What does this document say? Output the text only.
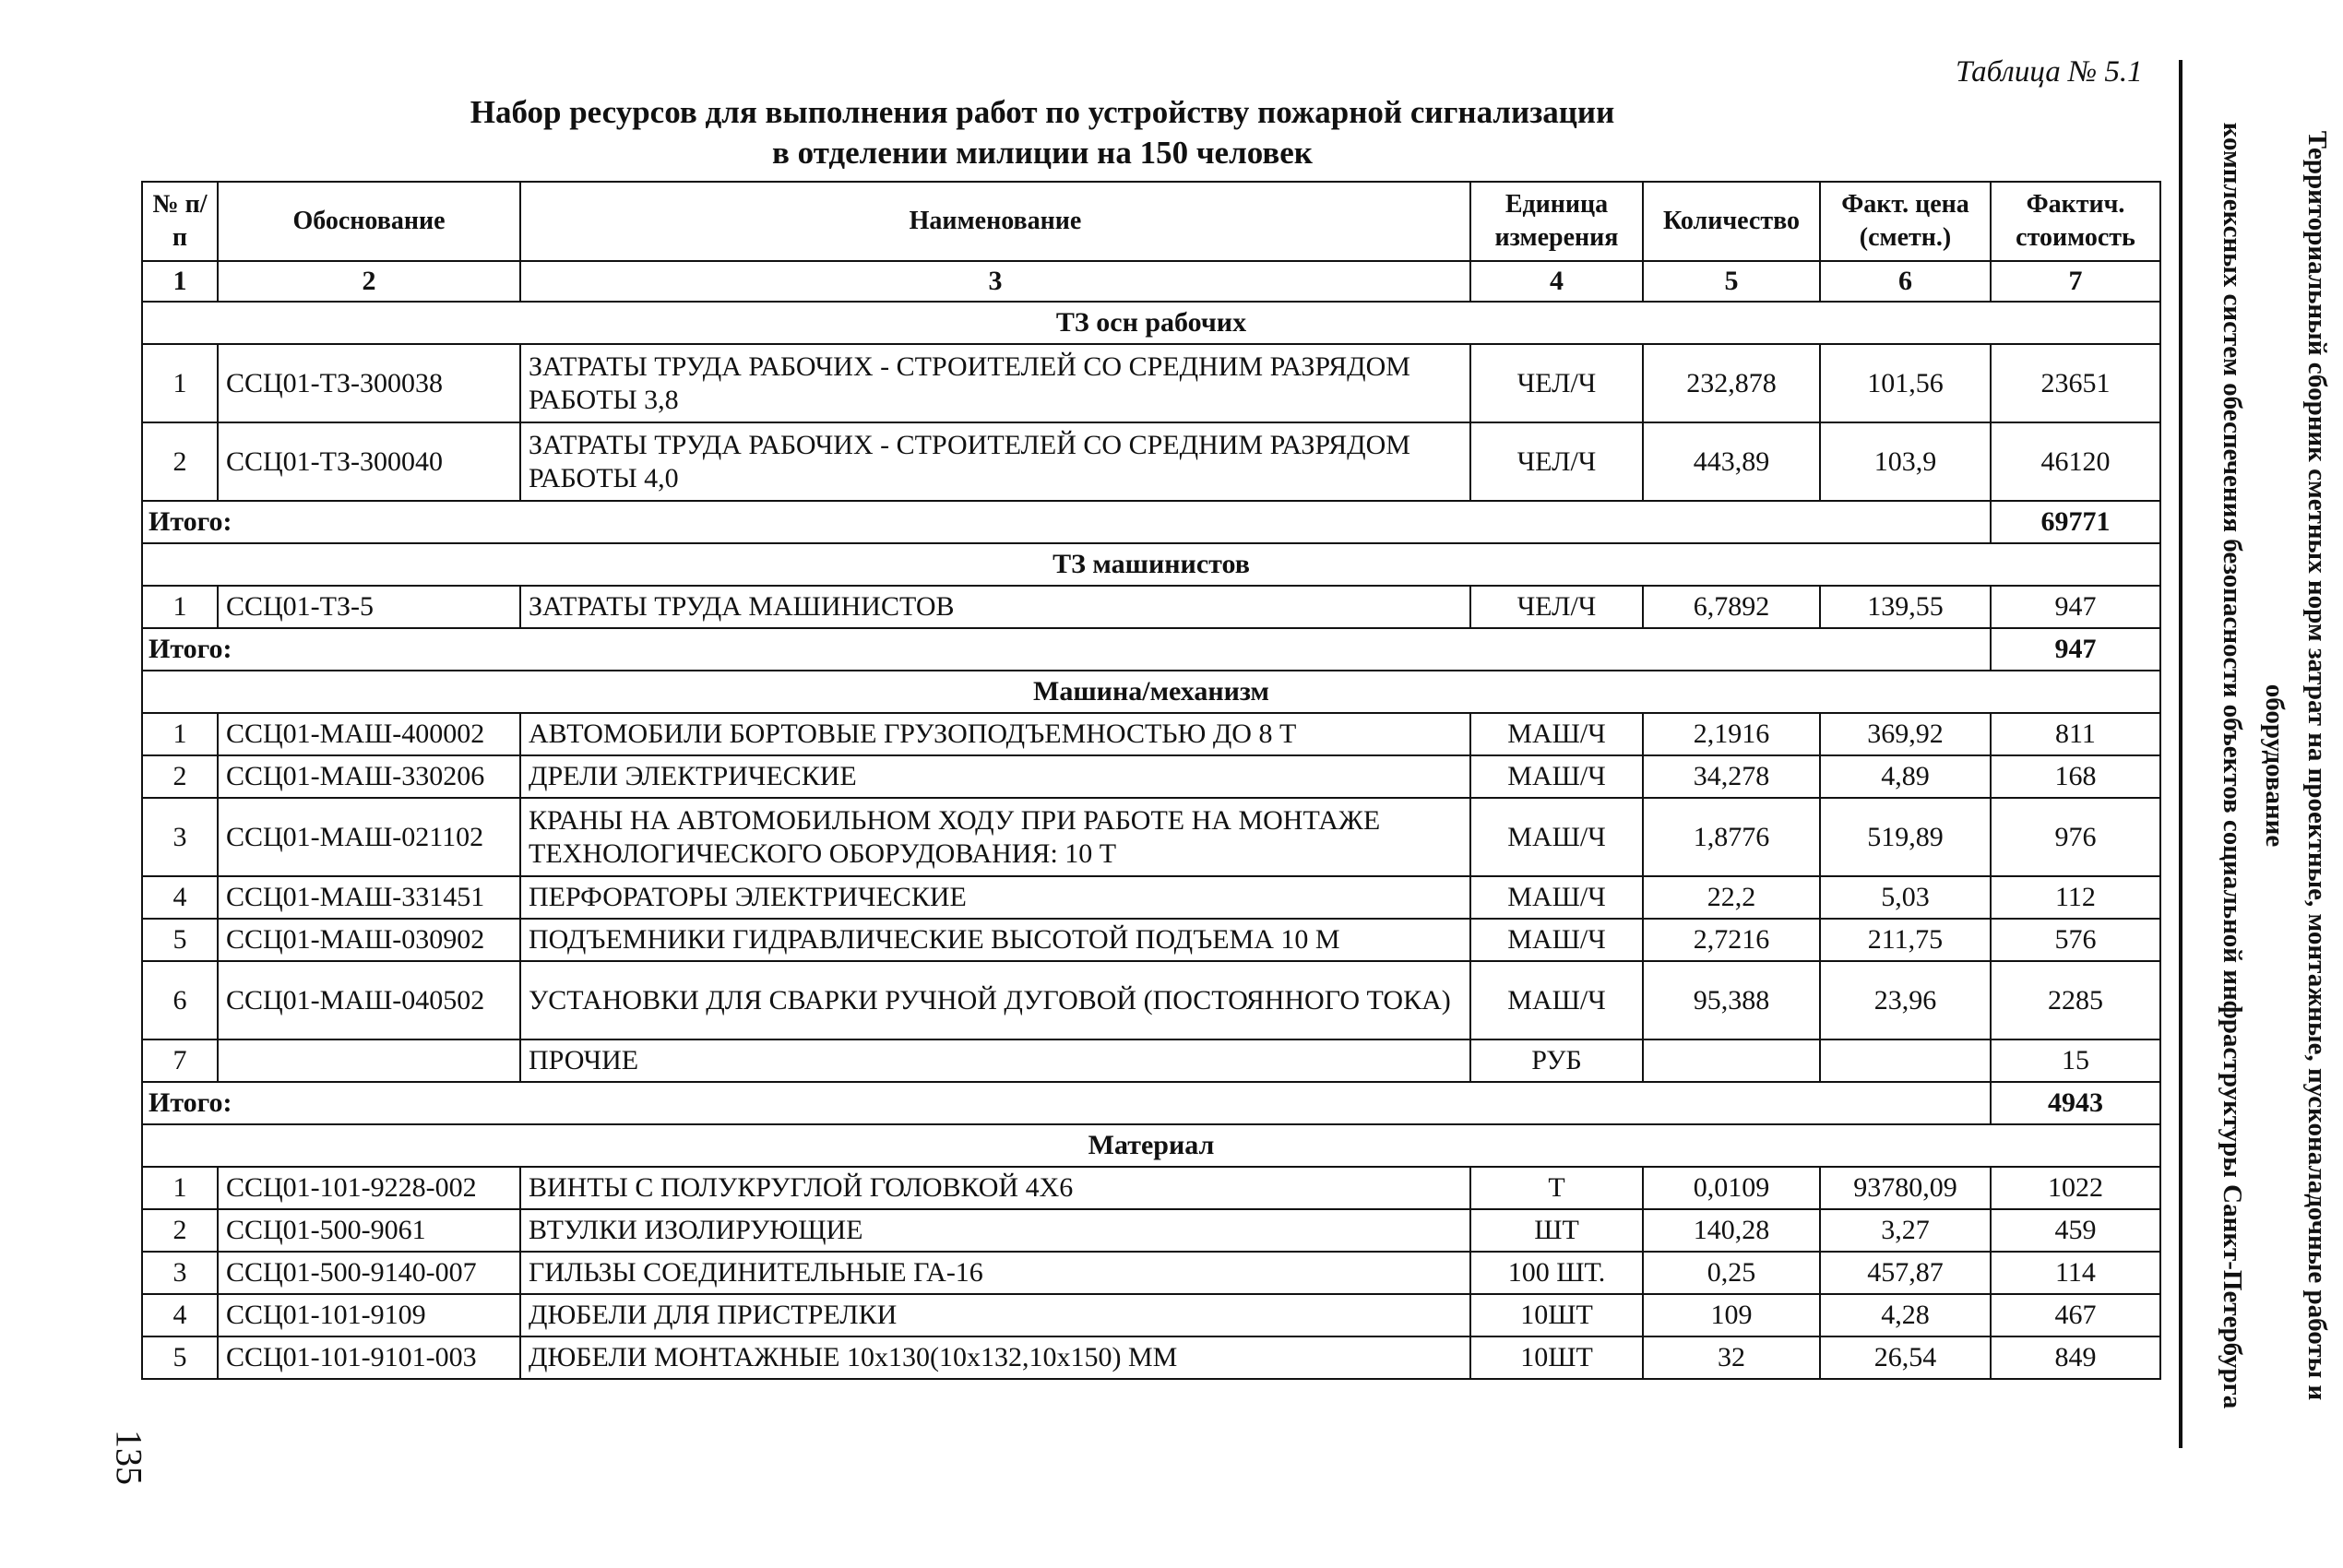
Таблица № 5.1
Набор ресурсов для выполнения работ по устройству пожарной сигнализации
в отделении милиции на 150 человек	Территориальный сборник сметных норм затрат на проектные, монтажные, пусконаладочные работы и оборудование
комплексных систем обеспечения безопасности объектов социальной инфраструктуры Санкт-Петербурга
135
№ п/п	Обоснование	Наименование	Единица измерения	Количество	Факт. цена (сметн.)	Фактич. стоимость
1	2	3	4	5	6	7
ТЗ осн рабочих						
1	ССЦ01-ТЗ-300038	ЗАТРАТЫ ТРУДА РАБОЧИХ - СТРОИТЕЛЕЙ СО СРЕДНИМ РАЗРЯДОМ РАБОТЫ 3,8	ЧЕЛ/Ч	232,878	101,56	23651
2	ССЦ01-ТЗ-300040	ЗАТРАТЫ ТРУДА РАБОЧИХ - СТРОИТЕЛЕЙ СО СРЕДНИМ РАЗРЯДОМ РАБОТЫ 4,0	ЧЕЛ/Ч	443,89	103,9	46120
Итого:						69771
ТЗ машинистов						
1	ССЦ01-ТЗ-5	ЗАТРАТЫ ТРУДА МАШИНИСТОВ	ЧЕЛ/Ч	6,7892	139,55	947
Итого:						947
Машина/механизм						
1	ССЦ01-МАШ-400002	АВТОМОБИЛИ БОРТОВЫЕ ГРУЗОПОДЪЕМНОСТЬЮ ДО 8 Т	МАШ/Ч	2,1916	369,92	811
2	ССЦ01-МАШ-330206	ДРЕЛИ ЭЛЕКТРИЧЕСКИЕ	МАШ/Ч	34,278	4,89	168
3	ССЦ01-МАШ-021102	КРАНЫ НА АВТОМОБИЛЬНОМ ХОДУ ПРИ РАБОТЕ НА МОНТАЖЕ ТЕХНОЛОГИЧЕСКОГО ОБОРУДОВАНИЯ: 10 Т	МАШ/Ч	1,8776	519,89	976
4	ССЦ01-МАШ-331451	ПЕРФОРАТОРЫ ЭЛЕКТРИЧЕСКИЕ	МАШ/Ч	22,2	5,03	112
5	ССЦ01-МАШ-030902	ПОДЪЕМНИКИ ГИДРАВЛИЧЕСКИЕ ВЫСОТОЙ ПОДЪЕМА 10 М	МАШ/Ч	2,7216	211,75	576
6	ССЦ01-МАШ-040502	УСТАНОВКИ ДЛЯ СВАРКИ РУЧНОЙ ДУГОВОЙ (ПОСТОЯННОГО ТОКА)	МАШ/Ч	95,388	23,96	2285
7		ПРОЧИЕ	РУБ			15
Итого:						4943
Материал						
1	ССЦ01-101-9228-002	ВИНТЫ С ПОЛУКРУГЛОЙ ГОЛОВКОЙ 4Х6	Т	0,0109	93780,09	1022
2	ССЦ01-500-9061	ВТУЛКИ ИЗОЛИРУЮЩИЕ	ШТ	140,28	3,27	459
3	ССЦ01-500-9140-007	ГИЛЬЗЫ СОЕДИНИТЕЛЬНЫЕ ГА-16	100 ШТ.	0,25	457,87	114
4	ССЦ01-101-9109	ДЮБЕЛИ ДЛЯ ПРИСТРЕЛКИ	10ШТ	109	4,28	467
5	ССЦ01-101-9101-003	ДЮБЕЛИ МОНТАЖНЫЕ 10х130(10х132,10х150) ММ	10ШТ	32	26,54	849
